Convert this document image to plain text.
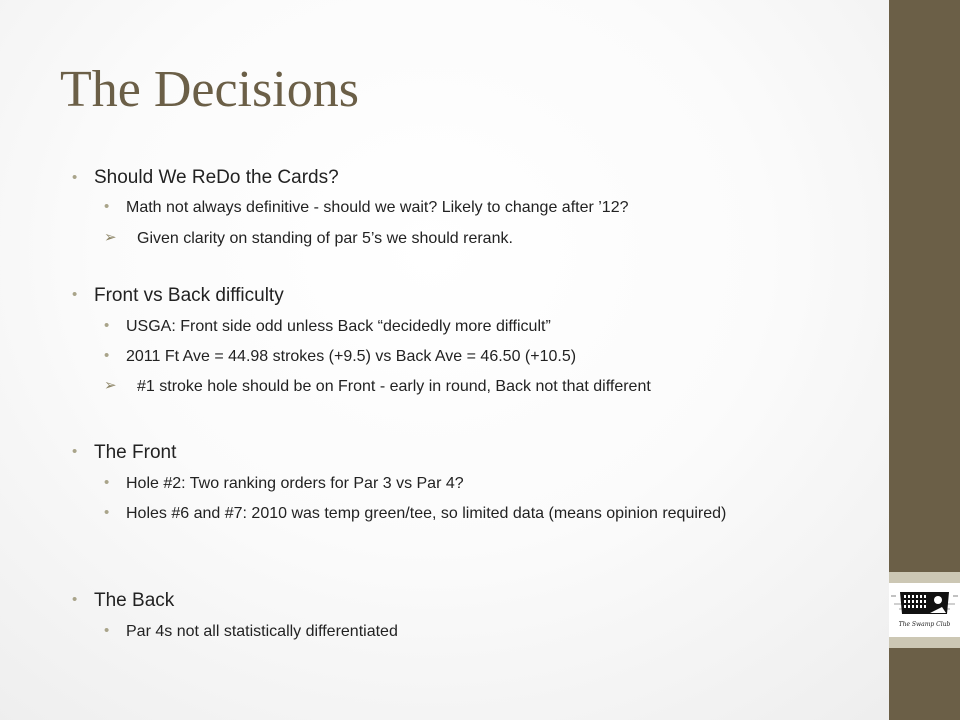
The Swamp Club
The Decisions
• Should We ReDo the Cards?
• Math not always definitive - should we wait? Likely to change after ’12?
➢ Given clarity on standing of par 5’s we should rerank.
• Front vs Back difficulty
• USGA: Front side odd unless Back “decidedly more difficult”
• 2011 Ft Ave = 44.98 strokes (+9.5) vs Back Ave = 46.50 (+10.5)
➢ #1 stroke hole should be on Front - early in round, Back not that different
• The Front
• Hole #2: Two ranking orders for Par 3 vs Par 4?
• Holes #6 and #7: 2010 was temp green/tee, so limited data (means opinion required)
• The Back
• Par 4s not all statistically differentiated
